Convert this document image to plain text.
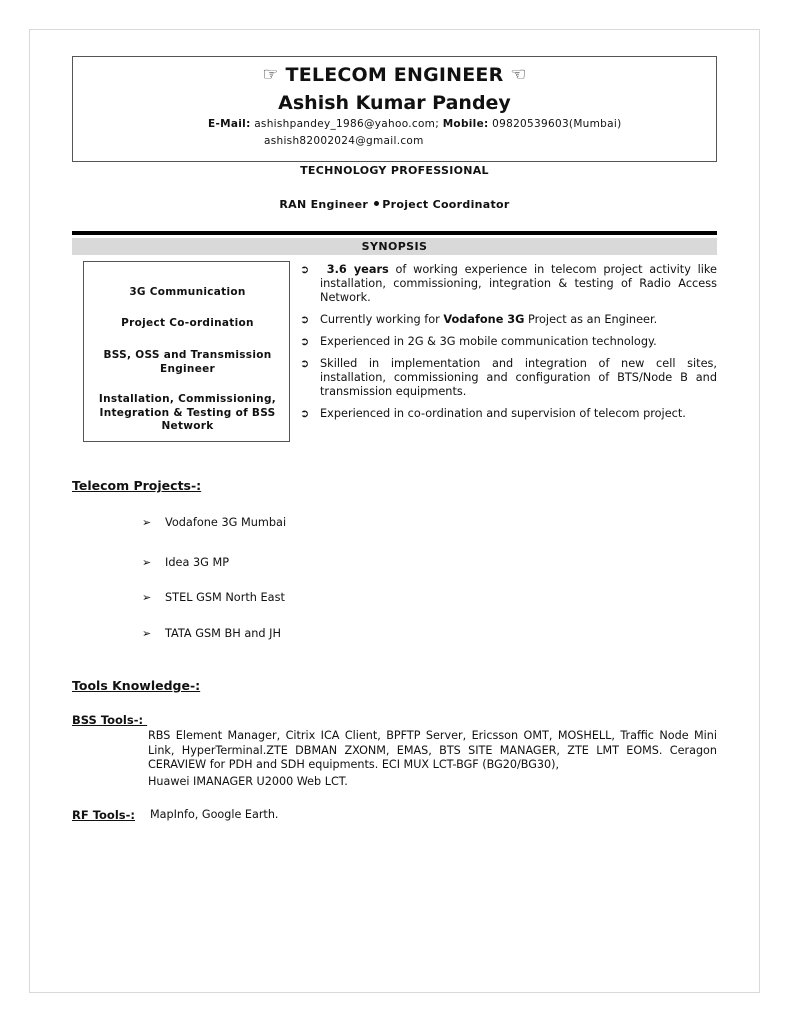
☞ TELECOM ENGINEER ☜
Ashish Kumar Pandey
E-Mail: ashishpandey_1986@yahoo.com; Mobile: 09820539603(Mumbai)
ashish82002024@gmail.com
TECHNOLOGY PROFESSIONAL
RAN Engineer Project Coordinator
SYNOPSIS
3G Communication
Project Co-ordination
BSS, OSS and Transmission Engineer
Installation, Commissioning, Integration & Testing of BSS Network
➲	3.6 years of working experience in telecom project activity like installation, commissioning, integration & testing of Radio Access Network.
➲ Currently working for Vodafone 3G Project as an Engineer.
➲ Experienced in 2G & 3G mobile communication technology.
➲ Skilled in implementation and integration of new cell sites, installation, commissioning and configuration of BTS/Node B and transmission equipments.
➲ Experienced in co-ordination and supervision of telecom project.
Telecom Projects-:
➢ Vodafone 3G Mumbai
➢ Idea 3G MP
➢ STEL GSM North East
➢ TATA GSM BH and JH
Tools Knowledge-:
BSS Tools-:
RBS Element Manager, Citrix ICA Client, BPFTP Server, Ericsson OMT, MOSHELL, Traffic Node Mini Link, HyperTerminal.ZTE DBMAN ZXONM, EMAS, BTS SITE MANAGER, ZTE LMT EOMS. Ceragon CERAVIEW for PDH and SDH equipments. ECI MUX LCT-BGF (BG20/BG30),
Huawei IMANAGER U2000 Web LCT.
RF Tools-: MapInfo, Google Earth.
